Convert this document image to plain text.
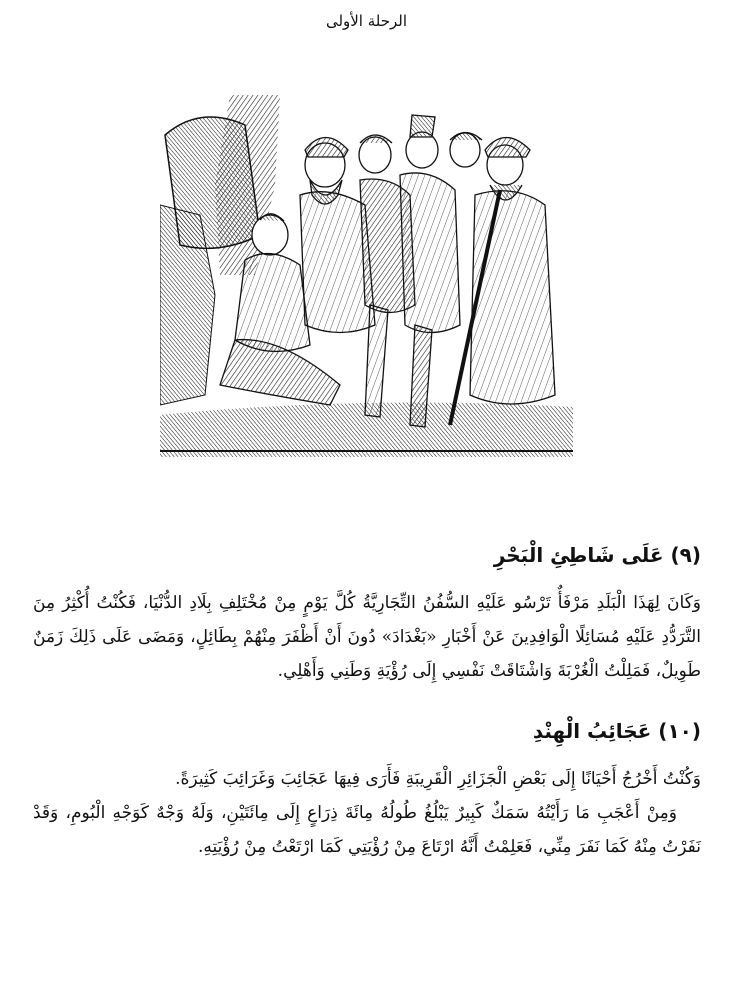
الرحلة الأولى
(٩) عَلَى شَاطِئِ الْبَحْرِ

وَكَانَ لِهَذَا الْبَلَدِ مَرْفَأٌ تَرْسُو عَلَيْهِ السُّفُنُ التِّجَارِيَّةُ كُلَّ يَوْمٍ مِنْ مُخْتَلِفِ بِلَادِ الدُّنْيَا، فَكُنْتُ أُكْثِرُ مِنَ التَّرَدُّدِ عَلَيْهِ مُسَائِلًا الْوَافِدِينَ عَنْ أَخْبَارِ «بَغْدَادَ» دُونَ أَنْ أَظْفَرَ مِنْهُمْ بِطَائِلٍ، وَمَضَى عَلَى ذَلِكَ زَمَنٌ طَوِيلٌ، فَمَلِلْتُ الْغُرْبَةَ وَاشْتَاقَتْ نَفْسِي إِلَى رُؤْيَةِ وَطَنِي وَأَهْلِي.

(١٠) عَجَائِبُ الْهِنْدِ

وَكُنْتُ أَخْرُجُ أَحْيَانًا إِلَى بَعْضِ الْجَزَائِرِ الْقَرِيبَةِ فَأَرَى فِيهَا عَجَائِبَ وَغَرَائِبَ كَثِيرَةً.

وَمِنْ أَعْجَبِ مَا رَأَيْتُهُ سَمَكٌ كَبِيرٌ يَبْلُغُ طُولُهُ مِائَةَ ذِرَاعٍ إِلَى مِائَتَيْنِ، وَلَهُ وَجْهٌ كَوَجْهِ الْبُومِ، وَقَدْ نَفَرْتُ مِنْهُ كَمَا نَفَرَ مِنِّي، فَعَلِمْتُ أَنَّهُ ارْتَاعَ مِنْ رُؤْيَتِي كَمَا ارْتَعْتُ مِنْ رُؤْيَتِهِ.
